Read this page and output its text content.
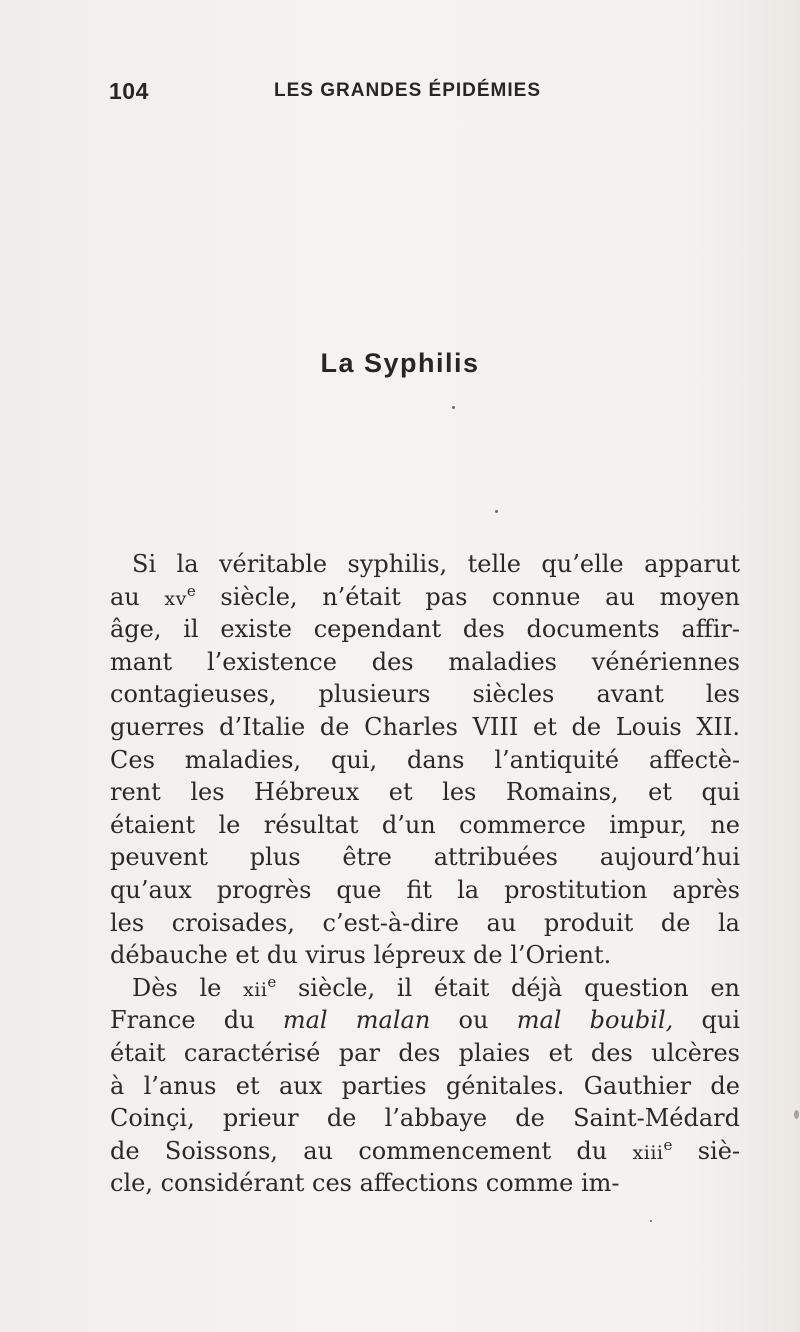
104	LES GRANDES ÉPIDÉMIES
La Syphilis
Si la véritable syphilis, telle qu’elle apparut
au $xv^e$ siècle, n’était pas connue au moyen
âge, il existe cependant des documents affir-
mant l’existence des maladies vénériennes
contagieuses, plusieurs siècles avant les
guerres d’Italie de Charles VIII et de Louis XII.
Ces maladies, qui, dans l’antiquité affectè-
rent les Hébreux et les Romains, et qui
étaient le résultat d’un commerce impur, ne
peuvent plus être attribuées aujourd’hui
qu’aux progrès que fit la prostitution après
les croisades, c’est-à-dire au produit de la
débauche et du virus lépreux de l’Orient.
Dès le xii$^e$ siècle, il était déjà question en
France du mal malan ou mal boubil, qui
était caractérisé par des plaies et des ulcères
à l’anus et aux parties génitales. Gauthier de
Coinçi, prieur de l’abbaye de Saint-Médard
de Soissons, au commencement du xiii$^e$ siè-
cle, considérant ces affections comme im-
